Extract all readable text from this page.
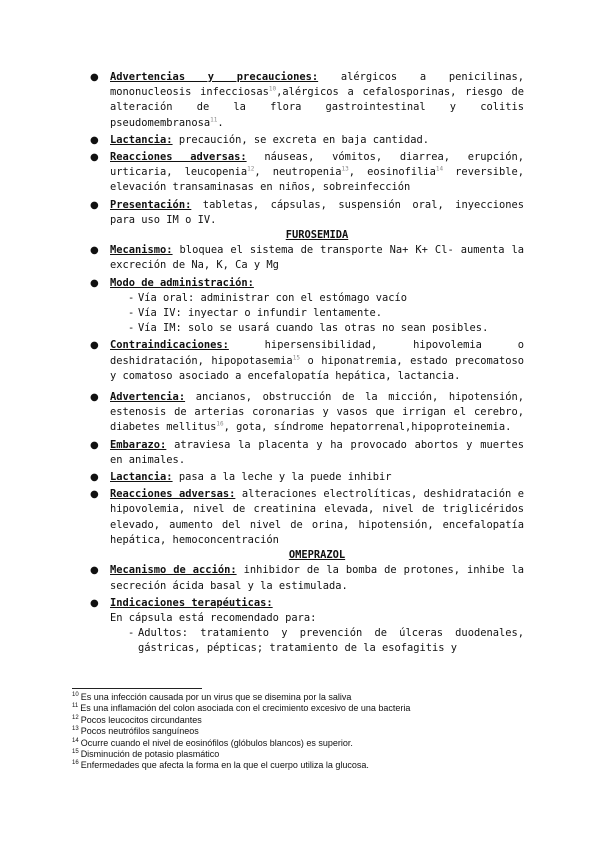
● Advertencias y precauciones: alérgicos a penicilinas, mononucleosis infecciosas$^{10}$,alérgicos a cefalosporinas, riesgo de alteración de la flora gastrointestinal y colitis pseudomembranosa$^{11}$.
● Lactancia: precaución, se excreta en baja cantidad.
● Reacciones adversas: náuseas, vómitos, diarrea, erupción, urticaria, leucopenia$^{12}$, neutropenia$^{13}$, eosinofilia$^{14}$ reversible, elevación transaminasas en niños, sobreinfección
● Presentación: tabletas, cápsulas, suspensión oral, inyecciones para uso IM o IV.
FUROSEMIDA
● Mecanismo: bloquea el sistema de transporte Na+ K+ Cl- aumenta la excreción de Na, K, Ca y Mg
● Modo de administración:
- Vía oral: administrar con el estómago vacío
- Vía IV: inyectar o infundir lentamente.
- Vía IM: solo se usará cuando las otras no sean posibles.
● Contraindicaciones: hipersensibilidad, hipovolemia o deshidratación, hipopotasemia$^{15}$ o hiponatremia, estado precomatoso y comatoso asociado a encefalopatía hepática, lactancia.
● Advertencia: ancianos, obstrucción de la micción, hipotensión, estenosis de arterias coronarias y vasos que irrigan el cerebro, diabetes mellitus$^{16}$, gota, síndrome hepatorrenal,hipoproteinemia.
● Embarazo: atraviesa la placenta y ha provocado abortos y muertes en animales.
● Lactancia: pasa a la leche y la puede inhibir
● Reacciones adversas: alteraciones electrolíticas, deshidratación e hipovolemia, nivel de creatinina elevada, nivel de triglicéridos elevado, aumento del nivel de orina, hipotensión, encefalopatía hepática, hemoconcentración
OMEPRAZOL
● Mecanismo de acción: inhibidor de la bomba de protones, inhibe la secreción ácida basal y la estimulada.
● Indicaciones terapéuticas:
En cápsula está recomendado para:
- Adultos: tratamiento y prevención de úlceras duodenales, gástricas, pépticas; tratamiento de la esofagitis y
$^{10}$ Es una infección causada por un virus que se disemina por la saliva
$^{11}$ Es una inflamación del colon asociada con el crecimiento excesivo de una bacteria
$^{12}$ Pocos leucocitos circundantes
$^{13}$ Pocos neutrófilos sanguíneos
$^{14}$ Ocurre cuando el nivel de eosinófilos (glóbulos blancos) es superior.
$^{15}$ Disminución de potasio plasmático
$^{16}$ Enfermedades que afecta la forma en la que el cuerpo utiliza la glucosa.
